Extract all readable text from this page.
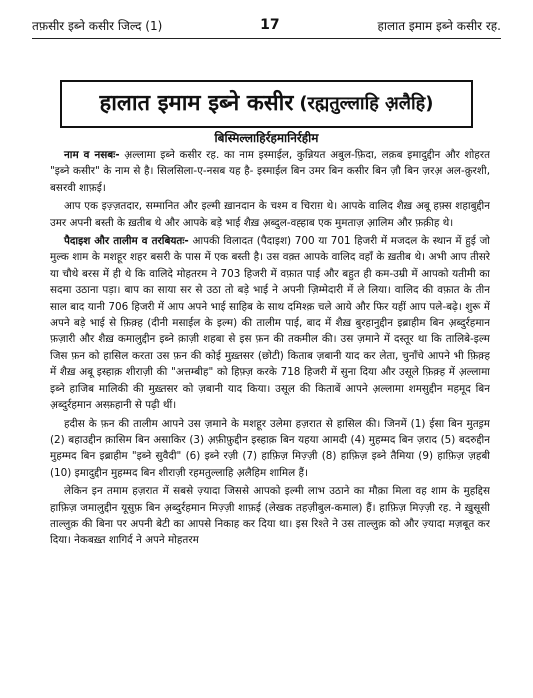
तफ़सीर इब्ने कसीर जिल्द (1)	17	हालात इमाम इब्ने कसीर रह.
हालात इमाम इब्ने कसीर (रह्मतुल्लाहि अ़लैहि)
बिस्मिल्लाहिर्रहमानिर्रहीम

नाम व नसबः- अ़ल्लामा इब्ने कसीर रह. का नाम इस्माईल, कुन्नियत अबुल-फ़िदा, लक़ब इमादुद्दीन और शोहरत "इब्ने कसीर" के नाम से है। सिलसिला-ए-नसब यह है- इस्माईल बिन उमर बिन कसीर बिन ज़ौ बिन ज़रअ़ अल-क़ुरशी, बसरवी शाफ़ई।

आप एक इज़्ज़तदार, सम्मानित और इल्मी ख़ानदान के चश्म व चिराग़ थे। आपके वालिद शैख़ अबू हफ़्स शहाबुद्दीन उमर अपनी बस्ती के ख़तीब थे और आपके बड़े भाई शैख़ अ़ब्दुल-वह्हाब एक मुमताज़ आ़लिम और फ़क़ीह थे।

पैदाइश और तालीम व तरबियतः- आपकी विलादत (पैदाइश) 700 या 701 हिजरी में मजदल के स्थान में हुई जो मुल्क शाम के मशहूर शहर बसरी के पास में एक बस्ती है। उस वक़्त आपके वालिद वहाँ के ख़तीब थे। अभी आप तीसरे या चौथे बरस में ही थे कि वालिदे मोहतरम ने 703 हिजरी में वफ़ात पाई और बहुत ही कम-उम्री में आपको यतीमी का सदमा उठाना पड़ा। बाप का साया सर से उठा तो बड़े भाई ने अपनी ज़िम्मेदारी में ले लिया। वालिद की वफ़ात के तीन साल बाद यानी 706 हिजरी में आप अपने भाई साहिब के साथ दमिश्क़ चले आये और फिर यहीं आप पले-बढ़े। शुरू में अपने बड़े भाई से फ़िक़्ह (दीनी मसाईल के इल्म) की तालीम पाई, बाद में शैख़ बुरहानुद्दीन इब्राहीम बिन अ़ब्दुर्रहमान फ़ज़ारी और शैख़ कमालुद्दीन इब्ने क़ाज़ी शहबा से इस फ़न की तकमील की। उस ज़माने में दस्तूर था कि तालिबे-इल्म जिस फ़न को हासिल करता उस फ़न की कोई मुख़्तसर (छोटी) किताब ज़बानी याद कर लेता, चुनाँचे आपने भी फ़िक़्ह में शैख़ अबू इस्हाक़ शीराज़ी की "अत्तम्बीह" को हिफ़्ज़ करके 718 हिजरी में सुना दिया और उसूले फ़िक़्ह में अ़ल्लामा इब्ने हाजिब मालिकी की मुख़्तसर को ज़बानी याद किया। उसूल की किताबें आपने अ़ल्लामा शमसुद्दीन महमूद बिन अ़ब्दुर्रहमान अस्फ़हानी से पढ़ी थीं।

हदीस के फ़न की तालीम आपने उस ज़माने के मशहूर उलेमा हज़रात से हासिल की। जिनमें (1) ईसा बिन मुतइ़म (2) बहाउद्दीन क़ासिम बिन असाकिर (3) अ़फ़ीफ़ुद्दीन इस्हाक़ बिन यहया आमदी (4) मुहम्मद बिन ज़राद (5) बदरुद्दीन मुहम्मद बिन इब्राहीम "इब्ने सुवैदी" (6) इब्ने रज़ी (7) हाफ़िज़ मिज़्ज़ी (8) हाफ़िज़ इब्ने तैमिया (9) हाफ़िज़ ज़हबी (10) इमादुद्दीन मुहम्मद बिन शीराज़ी रहमतुल्लाहि अ़लैहिम शामिल हैं।

लेकिन इन तमाम हज़रात में सबसे ज़्यादा जिससे आपको इल्मी लाभ उठाने का मौक़ा मिला वह शाम के मुहद्दिस हाफ़िज़ जमालुद्दीन यूसुफ़ बिन अ़ब्दुर्रहमान मिज़्ज़ी शाफ़ई (लेखक तहज़ीबुल-कमाल) हैं। हाफ़िज़ मिज़्ज़ी रह. ने ख़ुसूसी ताल्लुक़ की बिना पर अपनी बेटी का आपसे निकाह कर दिया था। इस रिश्ते ने उस ताल्लुक़ को और ज़्यादा मज़बूत कर दिया। नेकबख़्त शागिर्द ने अपने मोहतरम
